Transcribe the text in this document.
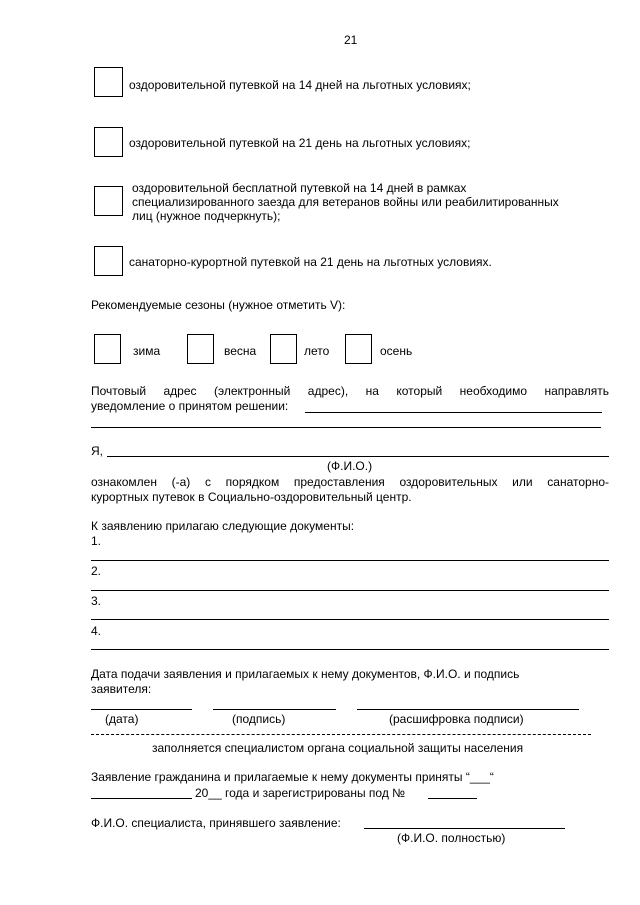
21
оздоровительной путевкой на 14 дней на льготных условиях;
оздоровительной путевкой на 21 день на льготных условиях;
оздоровительной бесплатной путевкой на 14 дней в рамках
специализированного заезда для ветеранов войны или реабилитированных
лиц (нужное подчеркнуть);
санаторно-курортной путевкой на 21 день на льготных условиях.
Рекомендуемые сезоны (нужное отметить V):
зима	весна	лето	осень
Почтовый адрес (электронный адрес), на который необходимо направлять
уведомление о принятом решении:
Я,
(Ф.И.О.)
ознакомлен (-а) с порядком предоставления оздоровительных или санаторно-
курортных путевок в Социально-оздоровительный центр.
К заявлению прилагаю следующие документы:
1.
2.
3.
4.
Дата подачи заявления и прилагаемых к нему документов, Ф.И.О. и подпись
заявителя:
(дата)	(подпись)	(расшифровка подписи)
заполняется специалистом органа социальной защиты населения
Заявление гражданина и прилагаемые к нему документы приняты “___“
20__ года и зарегистрированы под №
Ф.И.О. специалиста, принявшего заявление:
(Ф.И.О. полностью)
